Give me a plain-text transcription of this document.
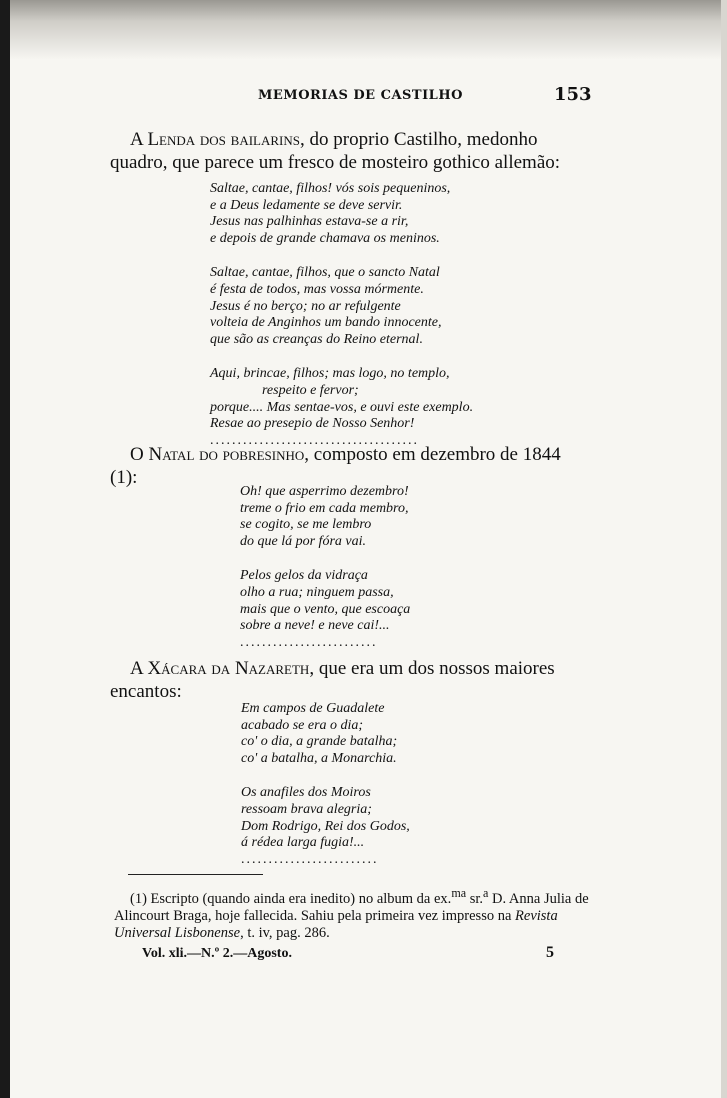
MEMORIAS DE CASTILHO	153
A Lenda dos bailarins, do proprio Castilho, medonho quadro, que parece um fresco de mosteiro gothico allemão:
Saltae, cantae, filhos! vós sois pequeninos,
e a Deus ledamente se deve servir.
Jesus nas palhinhas estava-se a rir,
e depois de grande chamava os meninos.
Saltae, cantae, filhos, que o sancto Natal
é festa de todos, mas vossa mórmente.
Jesus é no berço; no ar refulgente
volteia de Anginhos um bando innocente,
que são as creanças do Reino eternal.
Aqui, brincae, filhos; mas logo, no templo,
respeito e fervor;
porque.... Mas sentae-vos, e ouvi este exemplo.
Resae ao presepio de Nosso Senhor!
......................................
O Natal do pobresinho, composto em dezembro de 1844 (1):
Oh! que asperrimo dezembro!
treme o frio em cada membro,
se cogito, se me lembro
do que lá por fóra vai.
Pelos gelos da vidraça
olho a rua; ninguem passa,
mais que o vento, que escoaça
sobre a neve! e neve cai!...
.........................
A Xácara da Nazareth, que era um dos nossos maiores encantos:
Em campos de Guadalete
acabado se era o dia;
co' o dia, a grande batalha;
co' a batalha, a Monarchia.
Os anafiles dos Moiros
ressoam brava alegria;
Dom Rodrigo, Rei dos Godos,
á rédea larga fugia!...
.........................
(1) Escripto (quando ainda era inedito) no album da ex.$^{ma}$ sr.$^a$ D. Anna Julia de Alincourt Braga, hoje fallecida. Sahiu pela primeira vez impresso na Revista Universal Lisbonense, t. iv, pag. 286.
Vol. xli.—N.º 2.—Agosto.	5
